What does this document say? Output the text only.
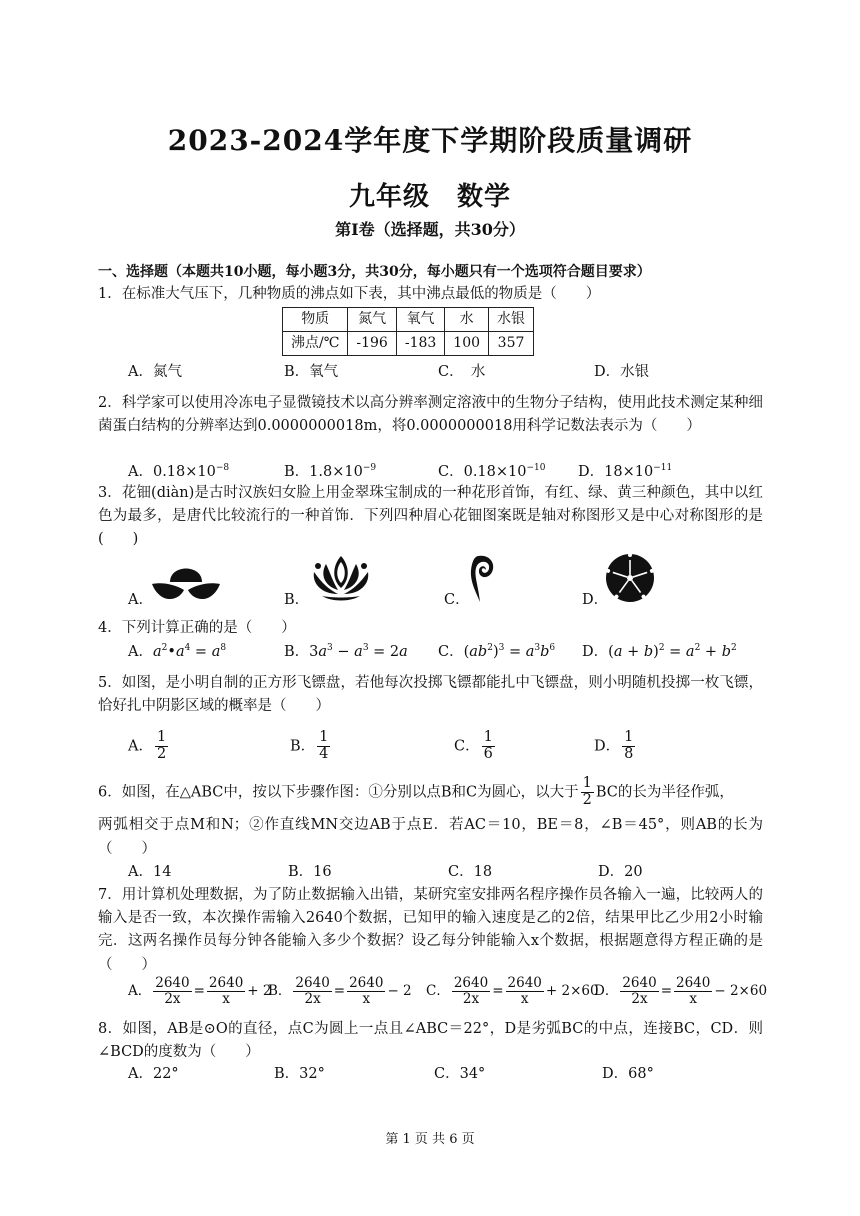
2023-2024学年度下学期阶段质量调研
九年级　数学
第Ⅰ卷（选择题，共30分）
一、选择题（本题共10小题，每小题3分，共30分，每小题只有一个选项符合题目要求）
1．在标准大气压下，几种物质的沸点如下表，其中沸点最低的物质是（　　）
物质	氮气	氧气	水	水银
沸点/℃	-196	-183	100	357
A．氮气	B．氧气	C．　水	D．水银
2．科学家可以使用冷冻电子显微镜技术以高分辨率测定溶液中的生物分子结构，使用此技术测定某种细菌蛋白结构的分辨率达到0.0000000018m，将0.0000000018用科学记数法表示为（　　）
A．$0.18\times 10^{-8}$	B．$1.8\times 10^{-9}$	C．$0.18\times 10^{-10}$ D．$18\times 10^{-11}$
3．花钿(diàn)是古时汉族妇女脸上用金翠珠宝制成的一种花形首饰，有红、绿、黄三种颜色，其中以红色为最多，是唐代比较流行的一种首饰．下列四种眉心花钿图案既是轴对称图形又是中心对称图形的是(　　)
A．	B．	C．	D．
4．下列计算正确的是（　　）
A．$a^2•a^4 = a^8$	B．$3a^3 - a^3 = 2a$ C．$(ab^2)^3 = a^3b^6$ D．$(a + b)^2 = a^2 + b^2$
5．如图，是小明自制的正方形飞镖盘，若他每次投掷飞镖都能扎中飞镖盘，则小明随机投掷一枚飞镖，恰好扎中阴影区域的概率是（　　）
A． $\frac{1}{2}$	B． $\frac{1}{4}$	C． $\frac{1}{6}$	D． $\frac{1}{8}$
6．如图，在△ABC中，按以下步骤作图：①分别以点B和C为圆心，以大于 $\frac{1}{2}$ BC的长为半径作弧，
两弧相交于点M和N；②作直线MN交边AB于点E．若AC＝10，BE＝8，∠B＝45°，则AB的长为（　　）
A．14	B．16	C．18	D．20
7．用计算机处理数据，为了防止数据输入出错，某研究室安排两名程序操作员各输入一遍，比较两人的输入是否一致，本次操作需输入2640个数据，已知甲的输入速度是乙的2倍，结果甲比乙少用2小时输完．这两名操作员每分钟各能输入多少个数据？设乙每分钟能输入x个数据，根据题意得方程正确的是（　　）
A． $\frac{2640}{2x} = \frac{2640}{x} + 2$
B． $\frac{2640}{2x} = \frac{2640}{x} - 2$ C． $\frac{2640}{2x} = \frac{2640}{x} + 2\times 60$
D． $\frac{2640}{2x} = \frac{2640}{x} - 2\times 60$
8．如图，AB是⊙O的直径，点C为圆上一点且∠ABC＝22°，D是劣弧BC的中点，连接BC，CD．则∠BCD的度数为（　　）
A．22°	B．32°	C．34°	D．68°
第 1 页 共 6 页
